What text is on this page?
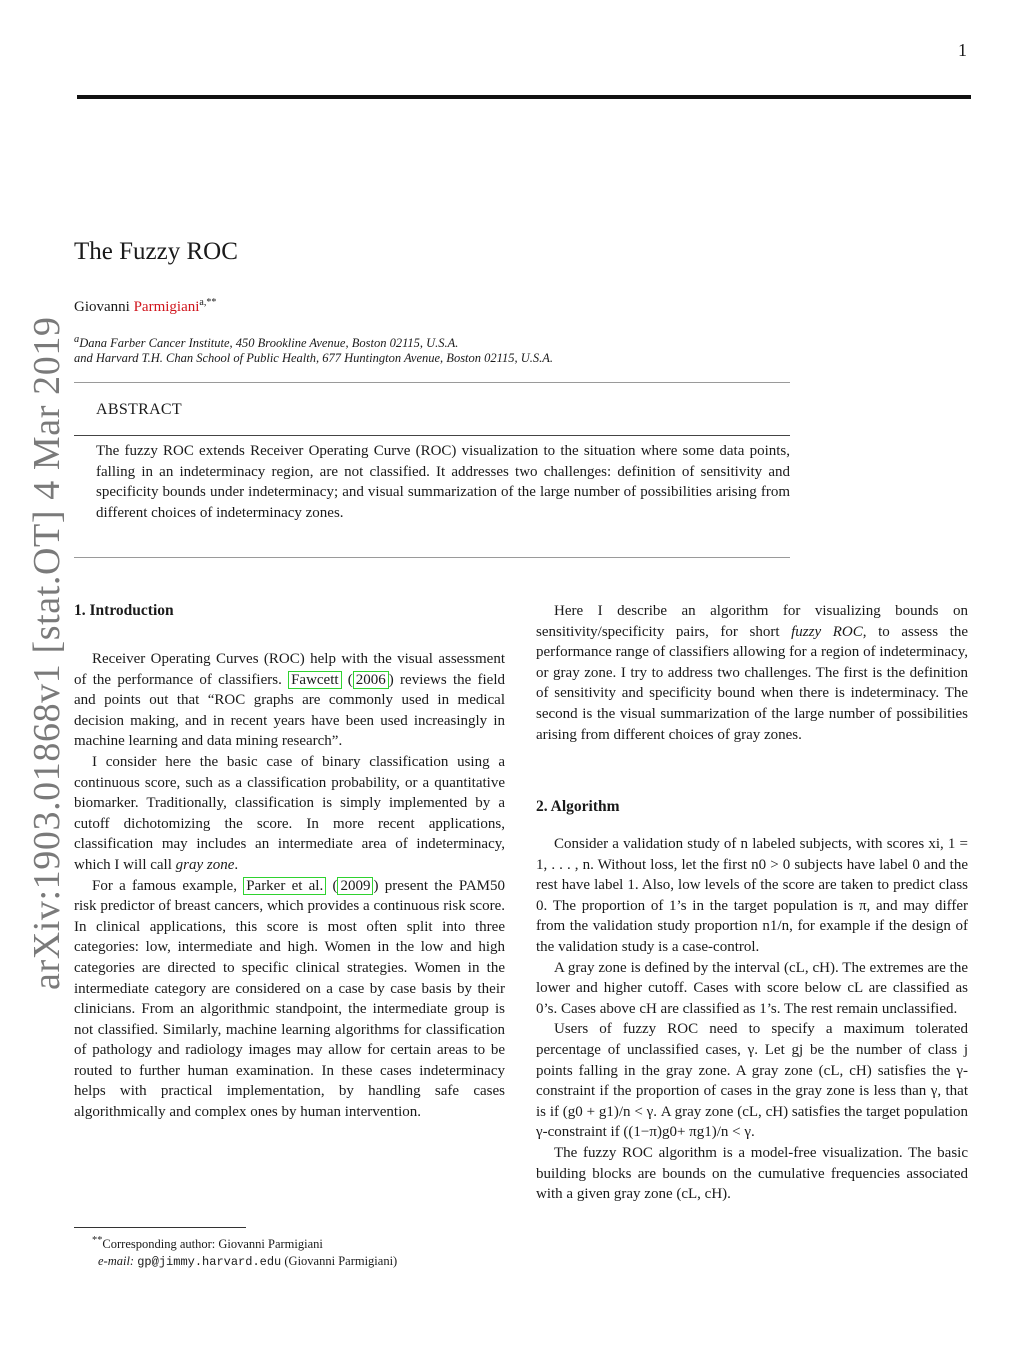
1
arXiv:1903.01868v1 [stat.OT] 4 Mar 2019
The Fuzzy ROC
Giovanni Parmigiani$^{a,**}$
$^a$Dana Farber Cancer Institute, 450 Brookline Avenue, Boston 02115, U.S.A.
and Harvard T.H. Chan School of Public Health, 677 Huntington Avenue, Boston 02115, U.S.A.
ABSTRACT
The fuzzy ROC extends Receiver Operating Curve (ROC) visualization to the situation where some data points, falling in an indeterminacy region, are not classified. It addresses two challenges: definition of sensitivity and specificity bounds under indeterminacy; and visual summarization of the large number of possibilities arising from different choices of indeterminacy zones.
1. Introduction

Receiver Operating Curves (ROC) help with the visual assessment of the performance of classifiers. Fawcett ( 2006 ) reviews the field and points out that “ROC graphs are commonly used in medical decision making, and in recent years have been used increasingly in machine learning and data mining research”.

I consider here the basic case of binary classification using a continuous score, such as a classification probability, or a quantitative biomarker. Traditionally, classification is simply implemented by a cutoff dichotomizing the score. In more recent applications, classification may includes an intermediate area of indeterminacy, which I will call gray zone.

For a famous example, Parker et al. ( 2009 ) present the PAM50 risk predictor of breast cancers, which provides a continuous risk score. In clinical applications, this score is most often split into three categories: low, intermediate and high. Women in the low and high categories are directed to specific clinical strategies. Women in the intermediate category are considered on a case by case basis by their clinicians. From an algorithmic standpoint, the intermediate group is not classified. Similarly, machine learning algorithms for classification of pathology and radiology images may allow for certain areas to be routed to further human examination. In these cases indeterminacy helps with practical implementation, by handling safe cases algorithmically and complex ones by human intervention.

Here I describe an algorithm for visualizing bounds on sensitivity/specificity pairs, for short fuzzy ROC, to assess the performance range of classifiers allowing for a region of indeterminacy, or gray zone. I try to address two challenges. The first is the definition of sensitivity and specificity bound when there is indeterminacy. The second is the visual summarization of the large number of possibilities arising from different choices of gray zones.

2. Algorithm

Consider a validation study of n labeled subjects, with scores xi, 1 = 1, . . . , n. Without loss, let the first n0 > 0 subjects have label 0 and the rest have label 1. Also, low levels of the score are taken to predict class 0. The proportion of 1’s in the target population is π, and may differ from the validation study proportion n1/n, for example if the design of the validation study is a case-control.

A gray zone is defined by the interval (cL, cH). The extremes are the lower and higher cutoff. Cases with score below cL are classified as 0’s. Cases above cH are classified as 1’s. The rest remain unclassified.

Users of fuzzy ROC need to specify a maximum tolerated percentage of unclassified cases, γ. Let gj be the number of class j points falling in the gray zone. A gray zone (cL, cH) satisfies the γ-constraint if the proportion of cases in the gray zone is less than γ, that is if (g0 + g1)/n < γ. A gray zone (cL, cH) satisfies the target population γ-constraint if ((1−π)g0+ πg1)/n < γ.

The fuzzy ROC algorithm is a model-free visualization. The basic building blocks are bounds on the cumulative frequencies associated with a given gray zone (cL, cH).

**Corresponding author: Giovanni Parmigiani
e-mail: gp@jimmy.harvard.edu (Giovanni Parmigiani)
